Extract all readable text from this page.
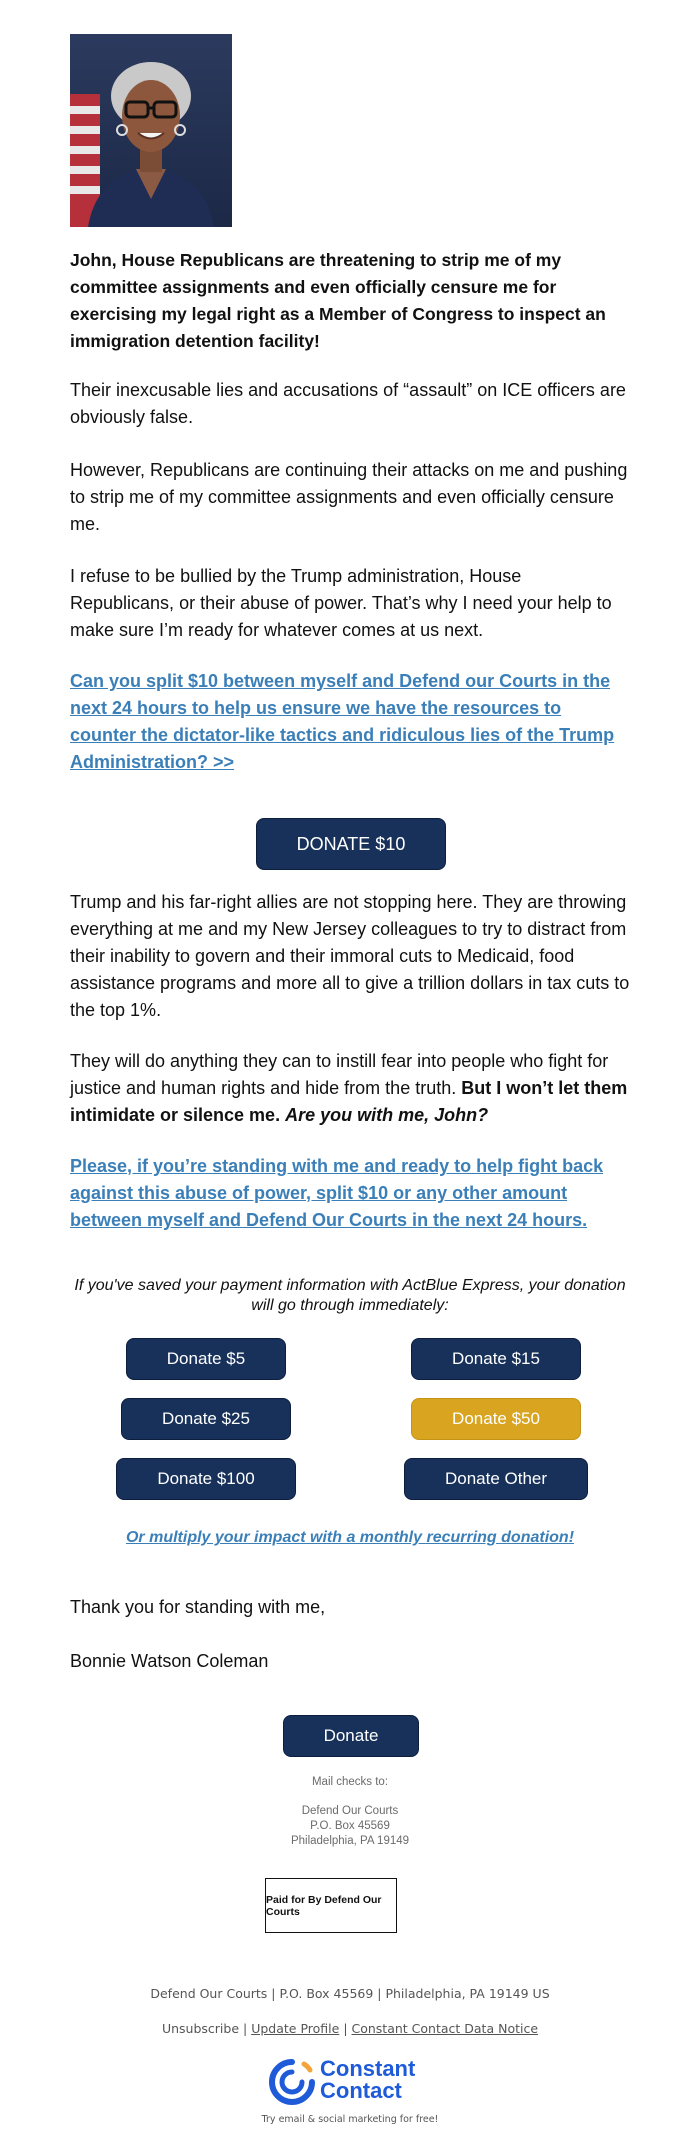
John, House Republicans are threatening to strip me of my committee assignments and even officially censure me for exercising my legal right as a Member of Congress to inspect an immigration detention facility!

Their inexcusable lies and accusations of “assault” on ICE officers are obviously false.

However, Republicans are continuing their attacks on me and pushing to strip me of my committee assignments and even officially censure me.

I refuse to be bullied by the Trump administration, House Republicans, or their abuse of power. That’s why I need your help to make sure I’m ready for whatever comes at us next.

Can you split $10 between myself and Defend our Courts in the next 24 hours to help us ensure we have the resources to counter the dictator-like tactics and ridiculous lies of the Trump Administration? >>

DONATE $10

Trump and his far-right allies are not stopping here. They are throwing everything at me and my New Jersey colleagues to try to distract from their inability to govern and their immoral cuts to Medicaid, food assistance programs and more all to give a trillion dollars in tax cuts to the top 1%.

They will do anything they can to instill fear into people who fight for justice and human rights and hide from the truth. But I won’t let them intimidate or silence me. Are you with me, John?

Please, if you’re standing with me and ready to help fight back against this abuse of power, split $10 or any other amount between myself and Defend Our Courts in the next 24 hours.

If you've saved your payment information with ActBlue Express, your donation will go through immediately:

Donate $5	Donate $15
Donate $25	Donate $50
Donate $100	Donate Other

Or multiply your impact with a monthly recurring donation!

Thank you for standing with me,

Bonnie Watson Coleman

Donate
Mail checks to:
Defend Our Courts
P.O. Box 45569
Philadelphia, PA 19149
Paid for By Defend Our Courts
Defend Our Courts | P.O. Box 45569 | Philadelphia, PA 19149 US
Unsubscribe | Update Profile | Constant Contact Data Notice
Constant
Contact
Try email & social marketing for free!
